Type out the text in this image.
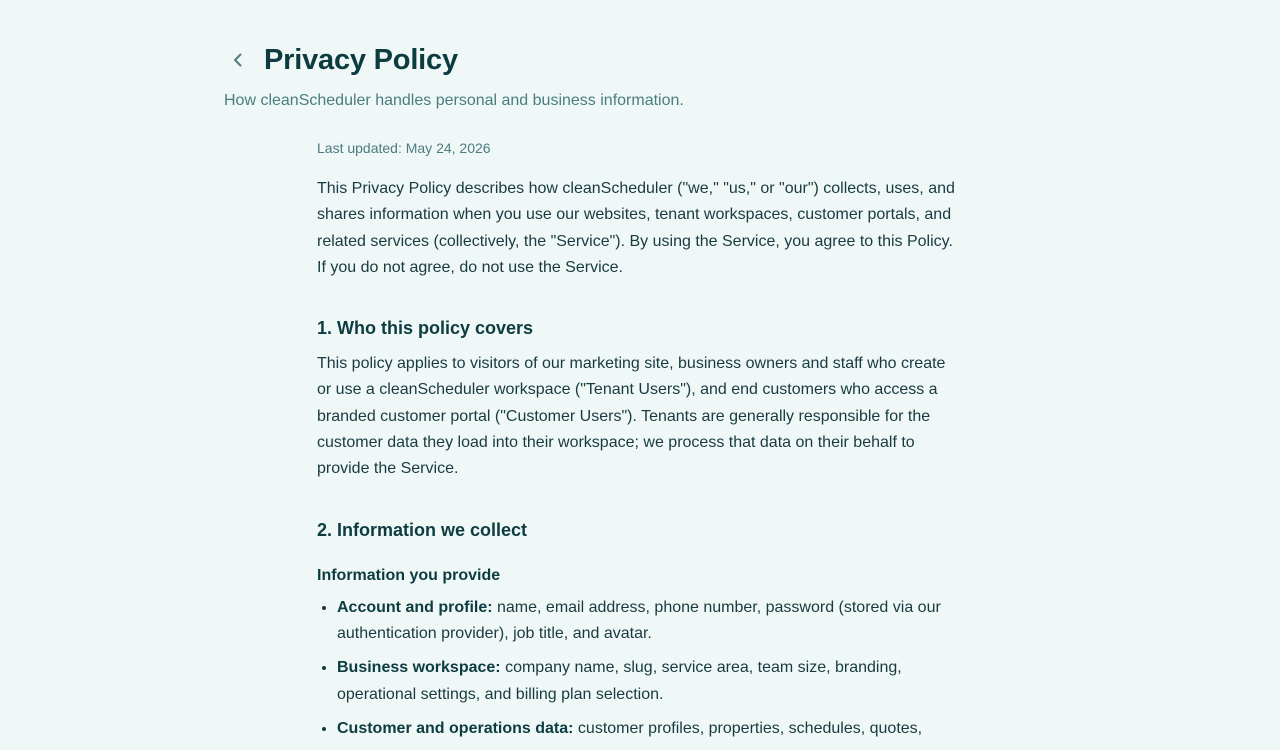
Privacy Policy

How cleanScheduler handles personal and business information.

Last updated: May 24, 2026

This Privacy Policy describes how cleanScheduler ("we," "us," or "our") collects, uses, and shares information when you use our websites, tenant workspaces, customer portals, and related services (collectively, the "Service"). By using the Service, you agree to this Policy. If you do not agree, do not use the Service.

1. Who this policy covers

This policy applies to visitors of our marketing site, business owners and staff who create or use a cleanScheduler workspace ("Tenant Users"), and end customers who access a branded customer portal ("Customer Users"). Tenants are generally responsible for the customer data they load into their workspace; we process that data on their behalf to provide the Service.

2. Information we collect
Information you provide
• Account and profile: name, email address, phone number, password (stored via our authentication provider), job title, and avatar.
• Business workspace: company name, slug, service area, team size, branding, operational settings, and billing plan selection.
• Customer and operations data: customer profiles, properties, schedules, quotes,
